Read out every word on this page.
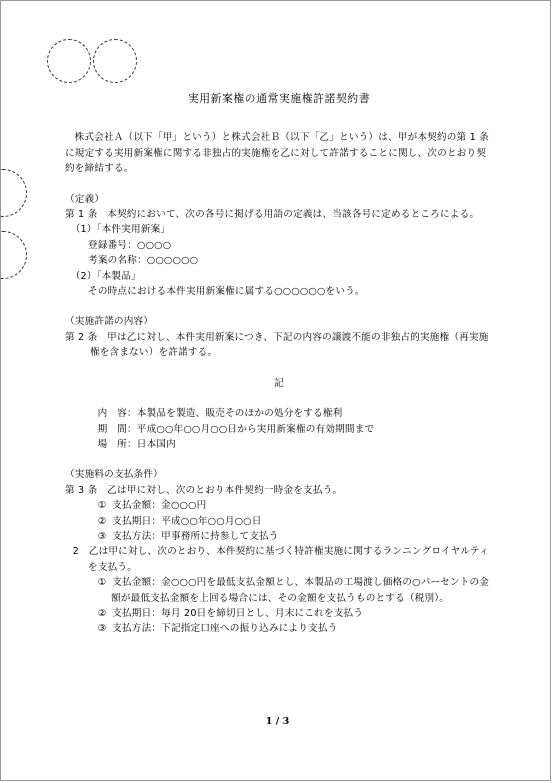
実用新案権の通常実施権許諾契約書

株式会社Ａ（以下「甲」という）と株式会社Ｂ（以下「乙」という）は、甲が本契約の第 1 条に規定する実用新案権に関する非独占的実施権を乙に対して許諾することに関し、次のとおり契約を締結する。

（定義）

第 1 条　本契約において、次の各号に掲げる用語の定義は、当該各号に定めるところによる。

（1）「本件実用新案」

登録番号：○○○○

考案の名称：○○○○○○

（2）「本製品」

その時点における本件実用新案権に属する○○○○○○をいう。

（実施許諾の内容）

第 2 条　甲は乙に対し、本件実用新案につき、下記の内容の譲渡不能の非独占的実施権（再実施権を含まない）を許諾する。

記

内　容：本製品を製造、販売そのほかの処分をする権利

期　間：平成○○年○○月○○日から実用新案権の有効期間まで

場　所：日本国内

（実施料の支払条件）

第 3 条　乙は甲に対し、次のとおり本件契約一時金を支払う。

① 支払金額：金○○○円

② 支払期日：平成○○年○○月○○日

③ 支払方法：甲事務所に持参して支払う

2　乙は甲に対し、次のとおり、本件契約に基づく特許権実施に関するランニングロイヤルティを支払う。

① 支払金額：金○○○円を最低支払金額とし、本製品の工場渡し価格の○パーセントの金額が最低支払金額を上回る場合には、その金額を支払うものとする（税別）。

② 支払期日：毎月 20日を締切日とし、月末にこれを支払う

③ 支払方法：下記指定口座への振り込みにより支払う

1 / 3
